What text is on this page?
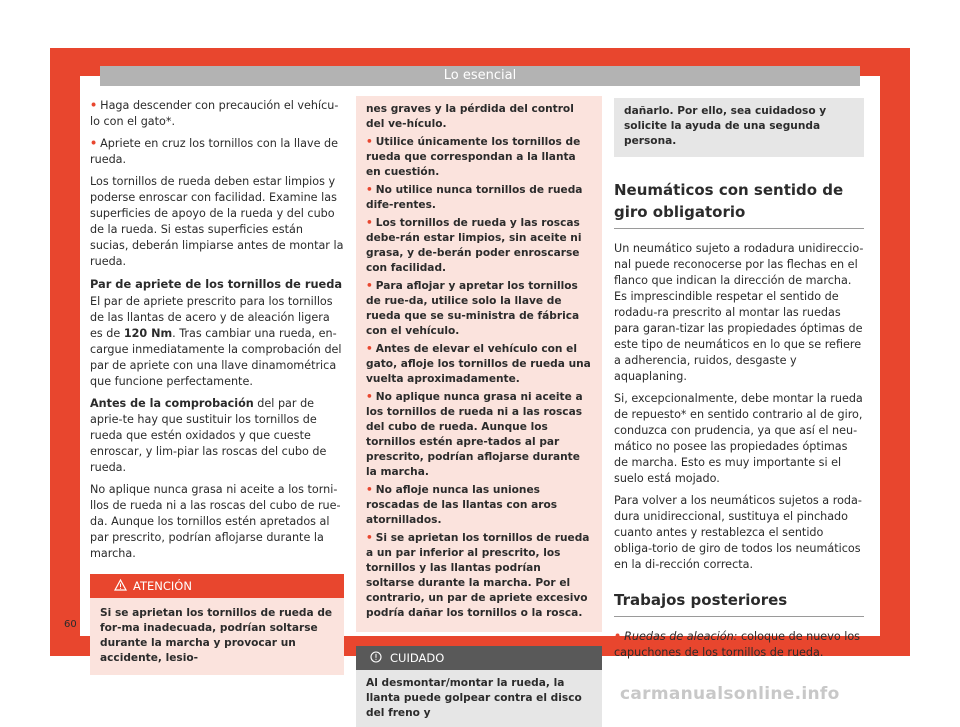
Lo esencial

• Haga descender con precaución el vehícu-lo con el gato*.

• Apriete en cruz los tornillos con la llave de rueda.

Los tornillos de rueda deben estar limpios y poderse enroscar con facilidad. Examine las superficies de apoyo de la rueda y del cubo de la rueda. Si estas superficies están sucias, deberán limpiarse antes de montar la rueda.

Par de apriete de los tornillos de rueda

El par de apriete prescrito para los tornillos de las llantas de acero y de aleación ligera es de 120 Nm. Tras cambiar una rueda, en-cargue inmediatamente la comprobación del par de apriete con una llave dinamométrica que funcione perfectamente.

Antes de la comprobación del par de aprie-te hay que sustituir los tornillos de rueda que estén oxidados y que cueste enroscar, y lim-piar las roscas del cubo de rueda.

No aplique nunca grasa ni aceite a los torni-llos de rueda ni a las roscas del cubo de rue-da. Aunque los tornillos estén apretados al par prescrito, podrían aflojarse durante la marcha.

ATENCIÓN

Si se aprietan los tornillos de rueda de for-ma inadecuada, podrían soltarse durante la marcha y provocar un accidente, lesio-

nes graves y la pérdida del control del ve-hículo.

• Utilice únicamente los tornillos de rueda que correspondan a la llanta en cuestión.

• No utilice nunca tornillos de rueda dife-rentes.

• Los tornillos de rueda y las roscas debe-rán estar limpios, sin aceite ni grasa, y de-berán poder enroscarse con facilidad.

• Para aflojar y apretar los tornillos de rue-da, utilice solo la llave de rueda que se su-ministra de fábrica con el vehículo.

• Antes de elevar el vehículo con el gato, afloje los tornillos de rueda una vuelta aproximadamente.

• No aplique nunca grasa ni aceite a los tornillos de rueda ni a las roscas del cubo de rueda. Aunque los tornillos estén apre-tados al par prescrito, podrían aflojarse durante la marcha.

• No afloje nunca las uniones roscadas de las llantas con aros atornillados.

• Si se aprietan los tornillos de rueda a un par inferior al prescrito, los tornillos y las llantas podrían soltarse durante la marcha. Por el contrario, un par de apriete excesivo podría dañar los tornillos o la rosca.

CUIDADO

Al desmontar/montar la rueda, la llanta puede golpear contra el disco del freno y

dañarlo. Por ello, sea cuidadoso y solicite la ayuda de una segunda persona.

Neumáticos con sentido de giro obligatorio

Un neumático sujeto a rodadura unidireccio-nal puede reconocerse por las flechas en el flanco que indican la dirección de marcha. Es imprescindible respetar el sentido de rodadu-ra prescrito al montar las ruedas para garan-tizar las propiedades óptimas de este tipo de neumáticos en lo que se refiere a adherencia, ruidos, desgaste y aquaplaning.

Si, excepcionalmente, debe montar la rueda de repuesto* en sentido contrario al de giro, conduzca con prudencia, ya que así el neu-mático no posee las propiedades óptimas de marcha. Esto es muy importante si el suelo está mojado.

Para volver a los neumáticos sujetos a roda-dura unidireccional, sustituya el pinchado cuanto antes y restablezca el sentido obliga-torio de giro de todos los neumáticos en la di-rección correcta.

Trabajos posteriores

• Ruedas de aleación: coloque de nuevo los capuchones de los tornillos de rueda.

60
carmanualsonline.info
